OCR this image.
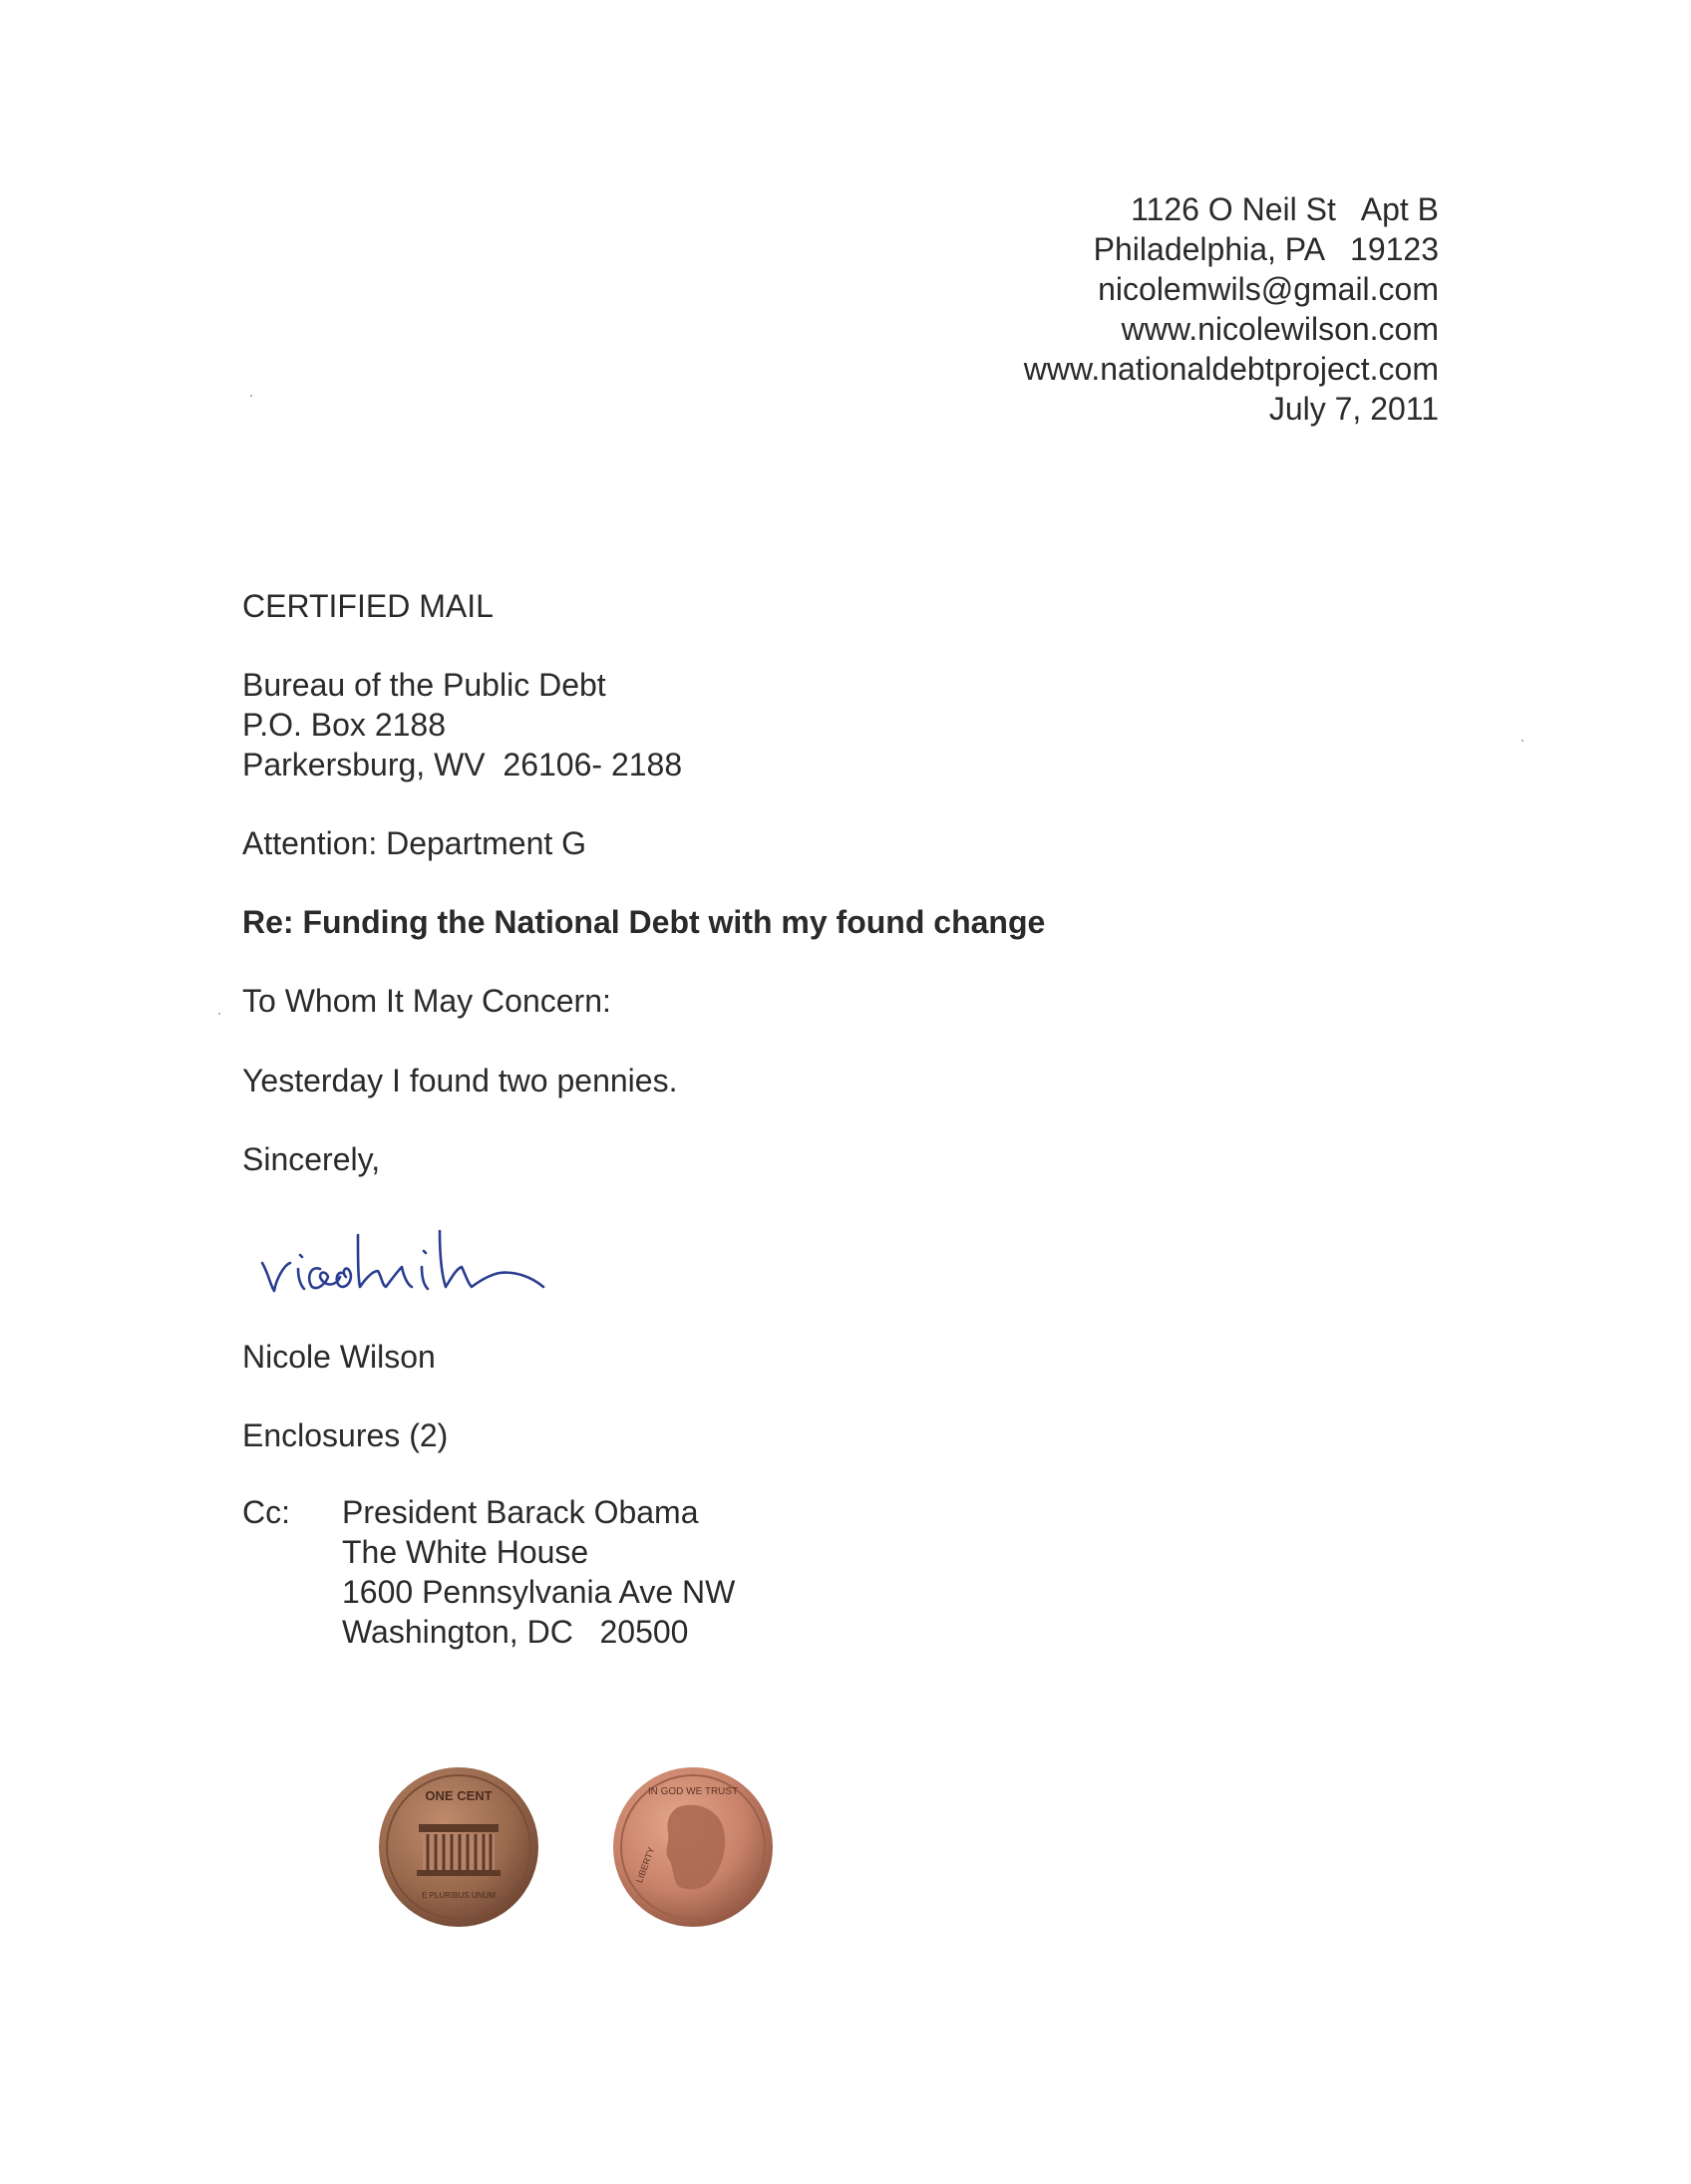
1126 O Neil St   Apt B
Philadelphia, PA   19123
nicolemwils@gmail.com
www.nicolewilson.com
www.nationaldebtproject.com
July 7, 2011
CERTIFIED MAIL
Bureau of the Public Debt
P.O. Box 2188
Parkersburg, WV  26106- 2188
Attention: Department G
Re: Funding the National Debt with my found change
To Whom It May Concern:
Yesterday I found two pennies.
Sincerely,
Nicole Wilson
Enclosures (2)
Cc: President Barack Obama
The White House
1600 Pennsylvania Ave NW
Washington, DC   20500
ONE CENT
E PLURIBUS UNUM
IN GOD WE TRUST
LIBERTY
